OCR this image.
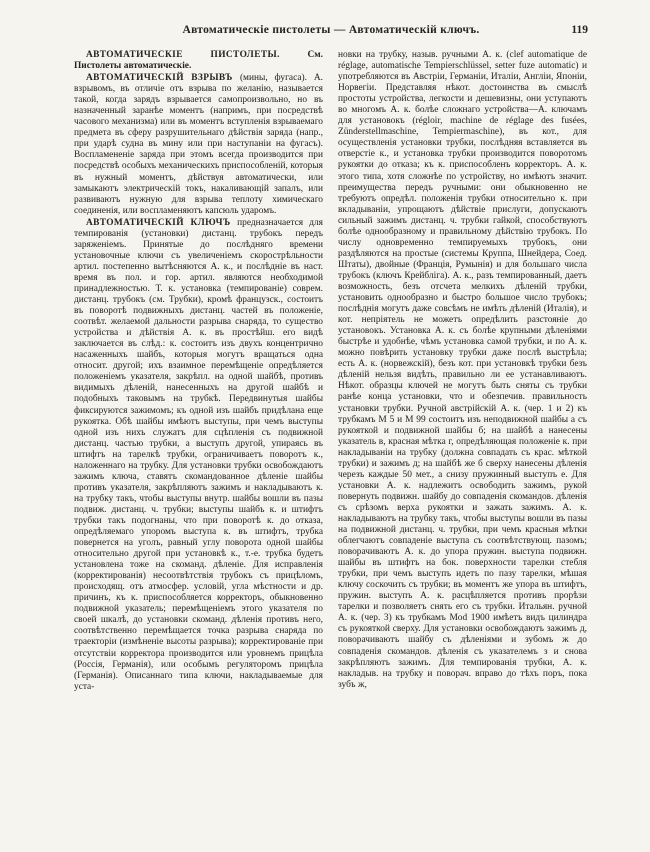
Автоматическіе пистолеты — Автоматическій ключъ.	119

АВТОМАТИЧЕСКІЕ ПИСТОЛЕТЫ. См. Пистолеты автоматическіе.

АВТОМАТИЧЕСКІЙ ВЗРЫВЪ (мины, фугаса). А. взрывомъ, въ отличіе отъ взрыва по желанію, называется такой, когда зарядъ взрывается самопроизвольно, но въ назначенный заранѣе моментъ (напримъ, при посредствѣ часового механизма) или въ моментъ вступленія взрываемаго предмета въ сферу разрушительнаго дѣйствія заряда (напр., при ударѣ судна въ мину или при наступаніи на фугасъ). Воспламененіе заряда при этомъ всегда производится при посредствѣ особыхъ механическихъ приспособленій, которыя въ нужный моментъ, дѣйствуя автоматически, или замыкаютъ электрическій токъ, накаливающій запалъ, или развиваютъ нужную для взрыва теплоту химическаго соединенія, или воспламеняютъ капсюль ударомъ.

АВТОМАТИЧЕСКІЙ КЛЮЧЪ предназначается для темпированія (установки) дистанц. трубокъ передъ заряженіемъ. Принятые до послѣдняго времени установочные ключи съ увеличеніемъ скорострѣльности артил. постепенно вытѣсняются А. к., и послѣдніе въ наст. время въ пол. и гор. артил. являются необходимой принадлежностью. Т. к. установка (темпированіе) соврем. дистанц. трубокъ (см. Трубки), кромѣ французск., состоитъ въ поворотѣ подвижныхъ дистанц. частей въ положеніе, соотвѣт. желаемой дальности разрыва снаряда, то существо устройства и дѣйствія А. к. въ простѣйш. его видѣ заключается въ слѣд.: к. состоитъ изъ двухъ концентрично насаженныхъ шайбъ, которыя могутъ вращаться одна относит. другой; ихъ взаимное перемѣщеніе опредѣляется положеніемъ указателя, закрѣпл. на одной шайбѣ, противъ видимыхъ дѣленій, нанесенныхъ на другой шайбѣ и подобныхъ таковымъ на трубкѣ. Передвинутыя шайбы фиксируются зажимомъ; къ одной изъ шайбъ придѣлана еще рукоятка. Обѣ шайбы имѣютъ выступы, при чемъ выступы одной изъ нихъ служатъ для сцѣпленія съ подвижной дистанц. частью трубки, а выступъ другой, упираясь въ штифтъ на тарелкѣ трубки, ограничиваетъ поворотъ к., наложеннаго на трубку. Для установки трубки освобождаютъ зажимъ ключа, ставятъ скомандованное дѣленіе шайбы противъ указателя, закрѣпляютъ зажимъ и накладываютъ к. на трубку такъ, чтобы выступы внутр. шайбы вошли въ пазы подвиж. дистанц. ч. трубки; выступы шайбъ к. и штифтъ трубки такъ подогнаны, что при поворотѣ к. до отказа, опредѣляемаго упоромъ выступа к. въ штифтъ, трубка повернется на уголъ, равный углу поворота одной шайбы относительно другой при установкѣ к., т.-е. трубка будетъ установлена тоже на скоманд. дѣленіе. Для исправленія (корректированія) несоотвѣтствія трубокъ съ прицѣломъ, происходящ. отъ атмосфер. условій, угла мѣстности и др. причинъ, къ к. приспособляется корректоръ, обыкновенно подвижной указатель; перемѣщеніемъ этого указателя по своей шкалѣ, до установки скоманд. дѣленія противъ него, соотвѣтственно перемѣщается точка разрыва снаряда по траекторіи (измѣненіе высоты разрыва); корректированіе при отсутствіи корректора производится или уровнемъ прицѣла (Россія, Германія), или особымъ регуляторомъ прицѣла (Германія). Описаннаго типа ключи, накладываемые для уста-

новки на трубку, назыв. ручными А. к. (clef automatique de réglage, automatische Tempierschlüssel, setter fuze automatic) и употребляются въ Австріи, Германіи, Италіи, Англіи, Японіи, Норвегіи. Представляя нѣкот. достоинства въ смыслѣ простоты устройства, легкости и дешевизны, они уступаютъ во многомъ А. к. болѣе сложнаго устройства—А. ключамъ для установокъ (régloir, machine de réglage des fusées, Zünderstellmaschine, Tempiermaschine), въ кот., для осуществленія установки трубки, послѣдняя вставляется въ отверстіе к., и установка трубки производится поворотомъ рукоятки до отказа; къ к. приспособленъ корректоръ. А. к. этого типа, хотя сложнѣе по устройству, но имѣютъ значит. преимущества передъ ручными: они обыкновенно не требуютъ опредѣл. положенія трубки относительно к. при вкладываніи, упрощаютъ дѣйствіе прислуги, допускаютъ сильный зажимъ дистанц. ч. трубки гайкой, способствуютъ болѣе однообразному и правильному дѣйствію трубокъ. По числу одновременно темпируемыхъ трубокъ, они раздѣляются на простые (системы Круппа, Шнейдера, Соед. Штаты), двойные (Франція, Румынія) и для большаго числа трубокъ (ключъ Крейбліга). А. к., разъ темпированный, даетъ возможность, безъ отсчета мелкихъ дѣленій трубки, установить однообразно и быстро большое число трубокъ; послѣднія могутъ даже совсѣмъ не имѣть дѣленій (Италія), и кот. непріятель не можетъ опредѣлить разстояніе до установокъ. Установка А. к. съ болѣе крупными дѣленіями быстрѣе и удобнѣе, чѣмъ установка самой трубки, и по А. к. можно повѣрить установку трубки даже послѣ выстрѣла; есть А. к. (норвежскій), безъ кот. при установкѣ трубки безъ дѣленій нельзя видѣть, правильно ли ее устанавливаютъ. Нѣкот. образцы ключей не могутъ быть сняты съ трубки ранѣе конца установки, что и обезпечив. правильность установки трубки. Ручной австрійскій А. к. (чер. 1 и 2) къ трубкамъ М 5 и М 99 состоитъ изъ неподвижной шайбы а съ рукояткой и подвижной шайбы б; на шайбѣ а нанесены указатель в, красная мѣтка г, опредѣляющая положеніе к. при накладываніи на трубку (должна совпадать съ крас. мѣткой трубки) и зажимъ д; на шайбѣ же б сверху нанесены дѣленія черезъ каждые 50 мет., а снизу пружинный выступъ е. Для установки А. к. надлежитъ освободить зажимъ, рукой повернуть подвижн. шайбу до совпаденія скомандов. дѣленія съ срѣзомъ верха рукоятки и зажать зажимъ. А. к. накладываютъ на трубку такъ, чтобы выступы вошли въ пазы на подвижной дистанц. ч. трубки, при чемъ красныя мѣтки облегчаютъ совпаденіе выступа съ соотвѣтствующ. пазомъ; поворачиваютъ А. к. до упора пружин. выступа подвижн. шайбы въ штифтъ на бок. поверхности тарелки стебля трубки, при чемъ выступъ идетъ по пазу тарелки, мѣшая ключу соскочить съ трубки; въ моментъ же упора въ штифтъ, пружин. выступъ А. к. расцѣпляется противъ прорѣзи тарелки и позволяетъ снять его съ трубки. Итальян. ручной А. к. (чер. 3) къ трубкамъ Mod 1900 имѣетъ видъ цилиндра съ рукояткой сверху. Для установки освобождаютъ зажимъ д, поворачиваютъ шайбу съ дѣленіями и зубомъ ж до совпаденія скомандов. дѣленія съ указателемъ з и снова закрѣпляютъ зажимъ. Для темпированія трубки, А. к. накладыв. на трубку и поворач. вправо до тѣхъ поръ, пока зубъ ж,
